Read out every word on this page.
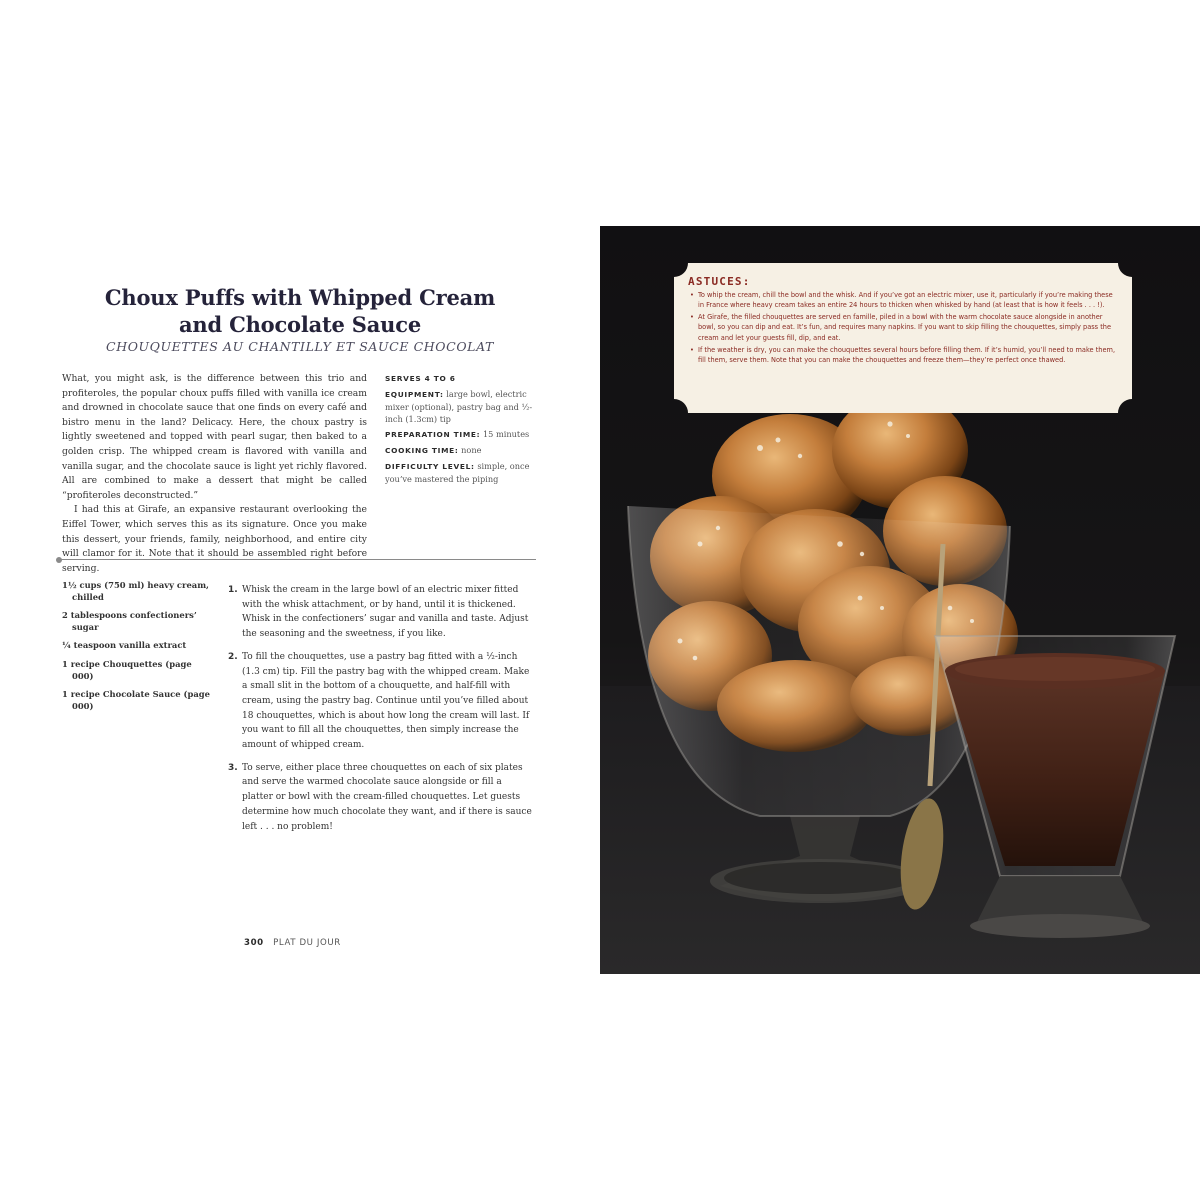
Choux Puffs with Whipped Cream
and Chocolate Sauce
CHOUQUETTES AU CHANTILLY ET SAUCE CHOCOLAT

What, you might ask, is the difference between this trio and profiteroles, the popular choux puffs filled with vanilla ice cream and drowned in chocolate sauce that one finds on every café and bistro menu in the land? Delicacy. Here, the choux pastry is lightly sweetened and topped with pearl sugar, then baked to a golden crisp. The whipped cream is flavored with vanilla and vanilla sugar, and the chocolate sauce is light yet richly flavored. All are combined to make a dessert that might be called “profiteroles deconstructed.”

I had this at Girafe, an expansive restaurant overlooking the Eiffel Tower, which serves this as its signature. Once you make this dessert, your friends, family, neighborhood, and entire city will clamor for it. Note that it should be assembled right before serving.

SERVES 4 TO 6
EQUIPMENT: large bowl, electric mixer (optional), pastry bag and ½-inch (1.3cm) tip
PREPARATION TIME: 15 minutes
COOKING TIME: none
DIFFICULTY LEVEL: simple, once you’ve mastered the piping
1½ cups (750 ml) heavy cream, chilled
2 tablespoons confectioners’ sugar
¼ teaspoon vanilla extract
1 recipe Chouquettes (page 000)
1 recipe Chocolate Sauce (page 000)
1. Whisk the cream in the large bowl of an electric mixer fitted with the whisk attachment, or by hand, until it is thickened. Whisk in the confectioners’ sugar and vanilla and taste. Adjust the seasoning and the sweetness, if you like.
2. To fill the chouquettes, use a pastry bag fitted with a ½-inch (1.3 cm) tip. Fill the pastry bag with the whipped cream. Make a small slit in the bottom of a chouquette, and half-fill with cream, using the pastry bag. Continue until you’ve filled about 18 chouquettes, which is about how long the cream will last. If you want to fill all the chouquettes, then simply increase the amount of whipped cream.
3. To serve, either place three chouquettes on each of six plates and serve the warmed chocolate sauce alongside or fill a platter or bowl with the cream-filled chouquettes. Let guests determine how much chocolate they want, and if there is sauce left . . . no problem!
300 PLAT DU JOUR
ASTUCES:
• To whip the cream, chill the bowl and the whisk. And if you’ve got an electric mixer, use it, particularly if you’re making these in France where heavy cream takes an entire 24 hours to thicken when whisked by hand (at least that is how it feels . . . !).
• At Girafe, the filled chouquettes are served en famille, piled in a bowl with the warm chocolate sauce alongside in another bowl, so you can dip and eat. It’s fun, and requires many napkins. If you want to skip filling the chouquettes, simply pass the cream and let your guests fill, dip, and eat.
• If the weather is dry, you can make the chouquettes several hours before filling them. If it’s humid, you’ll need to make them, fill them, serve them. Note that you can make the chouquettes and freeze them—they’re perfect once thawed.
